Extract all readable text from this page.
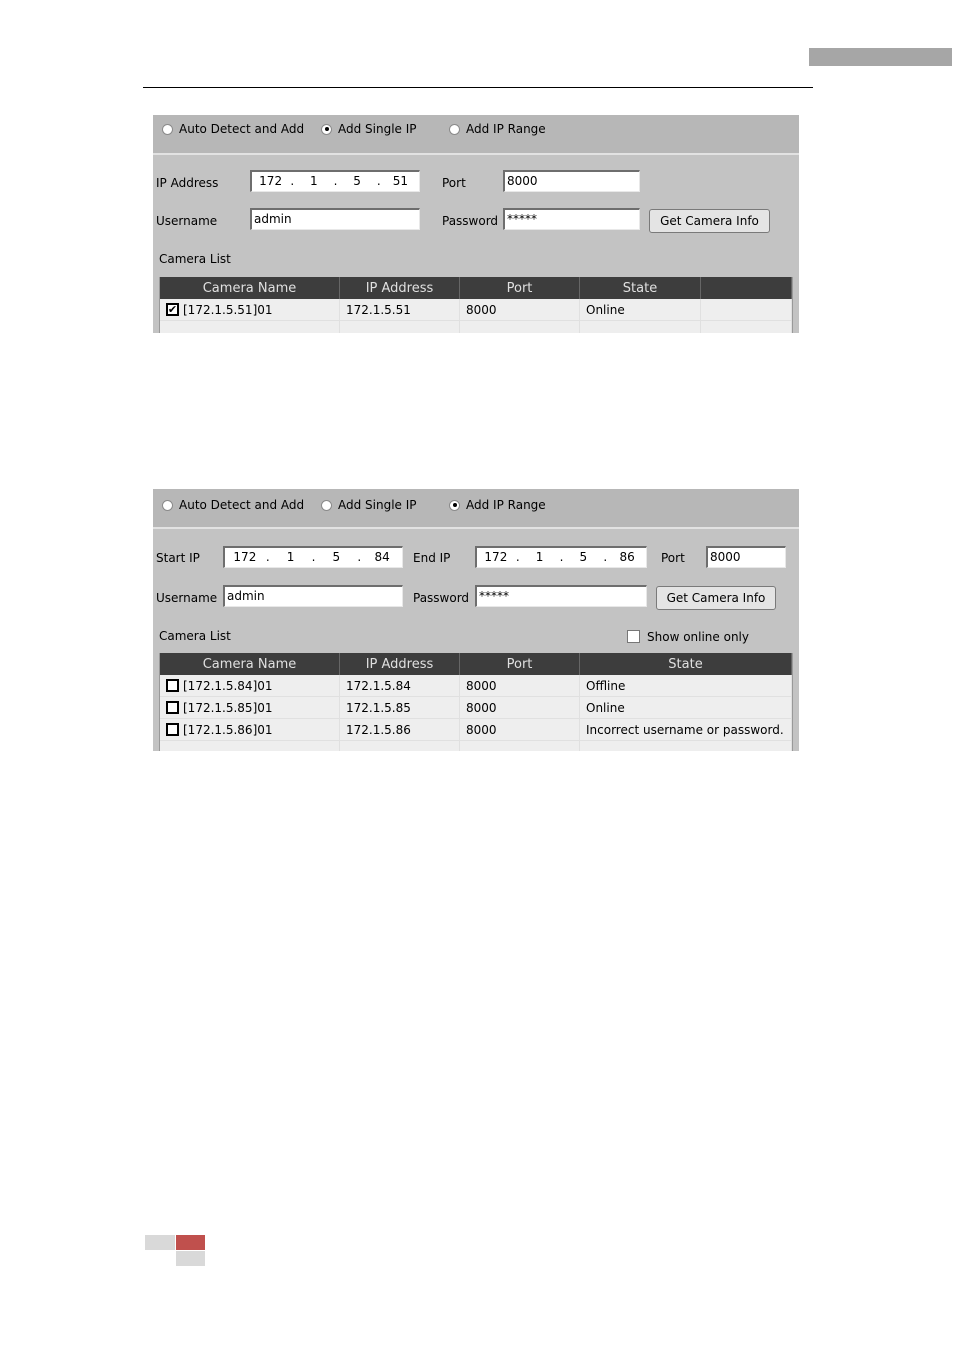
Auto Detect and Add	Add Single IP	Add IP Range
IP Address	172 .	1	.	5	.	51	Port	8000
Username	admin	Password *****	Get Camera Info
Camera List
Camera Name	IP Address	Port	State
✔ [172.1.5.51]01	172.1.5.51	8000	Online
Auto Detect and Add	Add Single IP	Add IP Range
Start IP	172 .	1	.	5	.	84	End IP	172 .	1	.	5	.	86	Port	8000
Username admin	Password *****	Get Camera Info
Camera List	Show online only
Camera Name	IP Address	Port	State
[172.1.5.84]01	172.1.5.84	8000	Offline
[172.1.5.85]01	172.1.5.85	8000	Online
[172.1.5.86]01	172.1.5.86	8000	Incorrect username or password.
